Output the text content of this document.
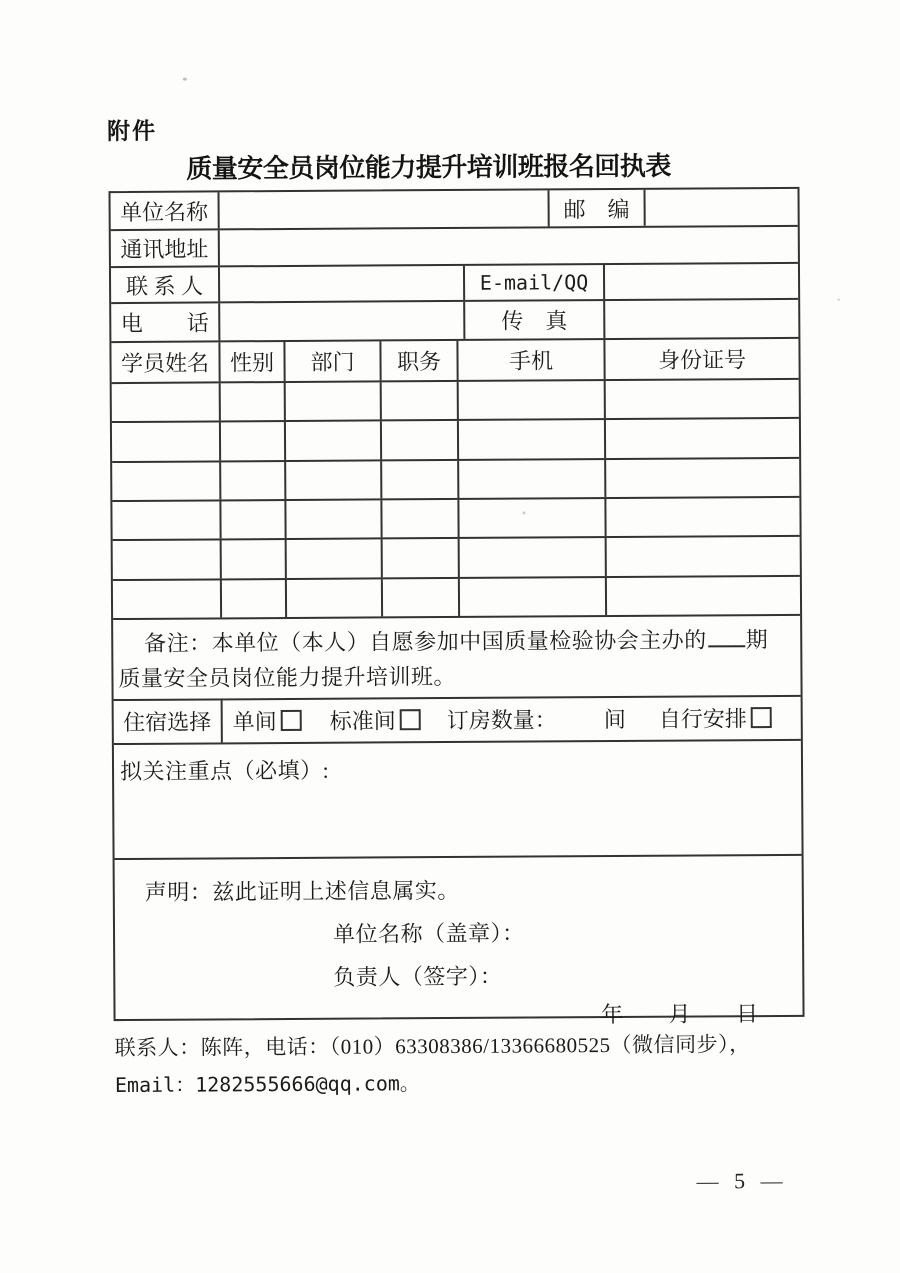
附件
质量安全员岗位能力提升培训班报名回执表
单位名称	邮　编
通讯地址
联 系 人	E-mail/QQ
电　　话	传　真
学员姓名 性别	部门	职务	手机	身份证号
备注：本单位（本人）自愿参加中国质量检验协会主办的 期
质量安全员岗位能力提升培训班。
住宿选择 单间 标准间 订房数量： 间 自行安排
拟关注重点（必填）:
声明：兹此证明上述信息属实。
单位名称（盖章）：
负责人（签字）：
年　　月　　日
联系人：陈阵，电话：（010）63308386/13366680525（微信同步），
Email：1282555666@qq.com。
— 5 —
